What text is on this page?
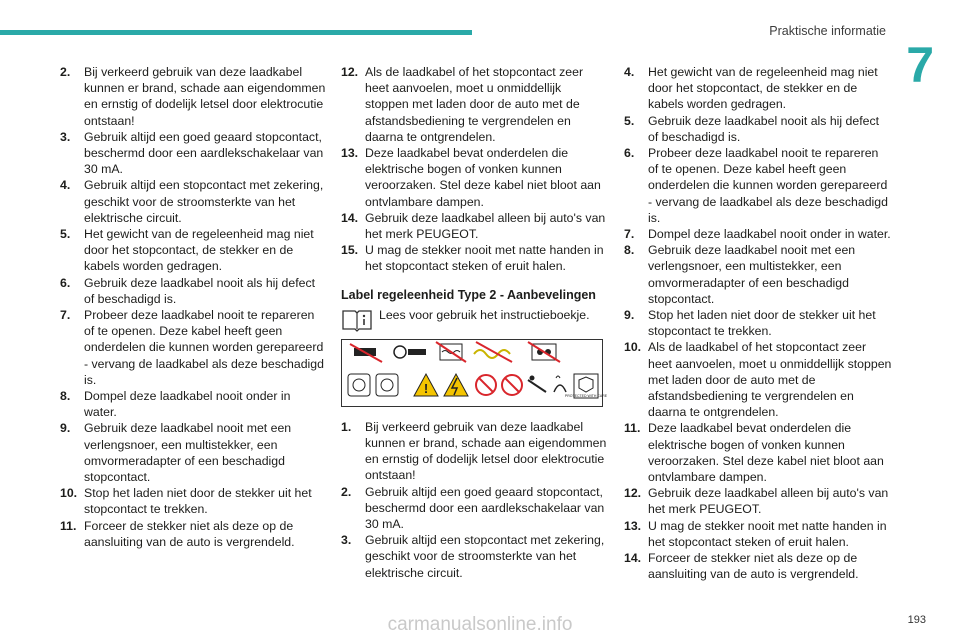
Praktische informatie
7
2.	Bij verkeerd gebruik van deze laadkabel kunnen er brand, schade aan eigendommen en ernstig of dodelijk letsel door elektrocutie ontstaan!
3.	Gebruik altijd een goed geaard stopcontact, beschermd door een aardlekschakelaar van 30 mA.
4.	Gebruik altijd een stopcontact met zekering, geschikt voor de stroomsterkte van het elektrische circuit.
5.	Het gewicht van de regeleenheid mag niet door het stopcontact, de stekker en de kabels worden gedragen.
6.	Gebruik deze laadkabel nooit als hij defect of beschadigd is.
7.	Probeer deze laadkabel nooit te repareren of te openen. Deze kabel heeft geen onderdelen die kunnen worden gerepareerd - vervang de laadkabel als deze beschadigd is.
8.	Dompel deze laadkabel nooit onder in water.
9.	Gebruik deze laadkabel nooit met een verlengsnoer, een multistekker, een omvormeradapter of een beschadigd stopcontact.
10. Stop het laden niet door de stekker uit het stopcontact te trekken.
11. Forceer de stekker niet als deze op de aansluiting van de auto is vergrendeld.
12. Als de laadkabel of het stopcontact zeer heet aanvoelen, moet u onmiddellijk stoppen met laden door de auto met de afstandsbediening te vergrendelen en daarna te ontgrendelen.
13. Deze laadkabel bevat onderdelen die elektrische bogen of vonken kunnen veroorzaken. Stel deze kabel niet bloot aan ontvlambare dampen.
14. Gebruik deze laadkabel alleen bij auto's van het merk PEUGEOT.
15. U mag de stekker nooit met natte handen in het stopcontact steken of eruit halen.
Label regeleenheid Type 2 - Aanbevelingen
Lees voor gebruik het instructieboekje.
!	PROTECTED WITH CARE
1.	Bij verkeerd gebruik van deze laadkabel kunnen er brand, schade aan eigendommen en ernstig of dodelijk letsel door elektrocutie ontstaan!
2.	Gebruik altijd een goed geaard stopcontact, beschermd door een aardlekschakelaar van 30 mA.
3.	Gebruik altijd een stopcontact met zekering, geschikt voor de stroomsterkte van het elektrische circuit.
4.	Het gewicht van de regeleenheid mag niet door het stopcontact, de stekker en de kabels worden gedragen.
5.	Gebruik deze laadkabel nooit als hij defect of beschadigd is.
6.	Probeer deze laadkabel nooit te repareren of te openen. Deze kabel heeft geen onderdelen die kunnen worden gerepareerd - vervang de laadkabel als deze beschadigd is.
7.	Dompel deze laadkabel nooit onder in water.
8.	Gebruik deze laadkabel nooit met een verlengsnoer, een multistekker, een omvormeradapter of een beschadigd stopcontact.
9.	Stop het laden niet door de stekker uit het stopcontact te trekken.
10. Als de laadkabel of het stopcontact zeer heet aanvoelen, moet u onmiddellijk stoppen met laden door de auto met de afstandsbediening te vergrendelen en daarna te ontgrendelen.
11. Deze laadkabel bevat onderdelen die elektrische bogen of vonken kunnen veroorzaken. Stel deze kabel niet bloot aan ontvlambare dampen.
12. Gebruik deze laadkabel alleen bij auto's van het merk PEUGEOT.
13. U mag de stekker nooit met natte handen in het stopcontact steken of eruit halen.
14. Forceer de stekker niet als deze op de aansluiting van de auto is vergrendeld.
193
carmanualsonline.info
